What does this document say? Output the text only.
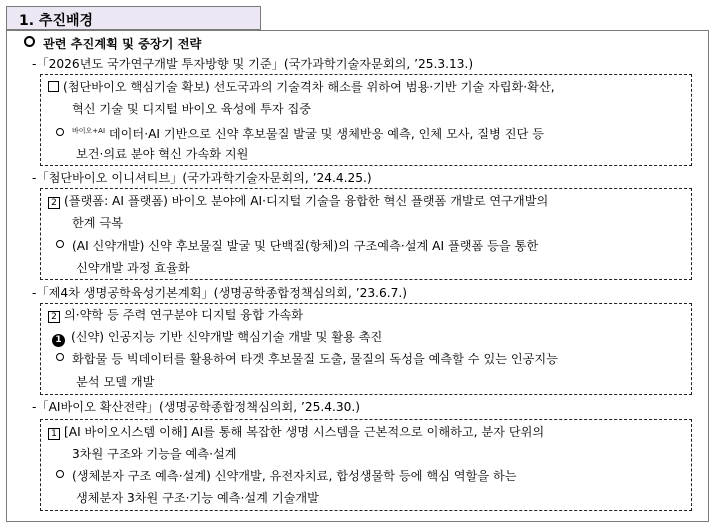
1. 추진배경
관련 추진계획 및 중장기 전략
-「2026년도 국가연구개발 투자방향 및 기준」(국가과학기술자문회의, ’25.3.13.)
(첨단바이오 핵심기술 확보) 선도국과의 기술격차 해소를 위하여 범용·기반 기술 자립화·확산,
혁신 기술 및 디지털 바이오 육성에 투자 집중
$^{바이오+AI}$ 데이터·AI 기반으로 신약 후보물질 발굴 및 생체반응 예측, 인체 모사, 질병 진단 등
보건·의료 분야 혁신 가속화 지원
-「첨단바이오 이니셔티브」(국가과학기술자문회의, ’24.4.25.)
2 (플랫폼: AI 플랫폼) 바이오 분야에 AI·디지털 기술을 융합한 혁신 플랫폼 개발로 연구개발의
한계 극복
(AI 신약개발) 신약 후보물질 발굴 및 단백질(항체)의 구조예측·설계 AI 플랫폼 등을 통한
신약개발 과정 효율화
-「제4차 생명공학육성기본계획」(생명공학종합정책심의회, ’23.6.7.)
2 의·약학 등 주력 연구분야 디지털 융합 가속화
1 (신약) 인공지능 기반 신약개발 핵심기술 개발 및 활용 촉진
화합물 등 빅데이터를 활용하여 타겟 후보물질 도출, 물질의 독성을 예측할 수 있는 인공지능
분석 모델 개발
-「AI바이오 확산전략」(생명공학종합정책심의회, ’25.4.30.)
1 [AI 바이오시스템 이해] AI를 통해 복잡한 생명 시스템을 근본적으로 이해하고, 분자 단위의
3차원 구조와 기능을 예측·설계
(생체분자 구조 예측·설계) 신약개발, 유전자치료, 합성생물학 등에 핵심 역할을 하는
생체분자 3차원 구조·기능 예측·설계 기술개발
